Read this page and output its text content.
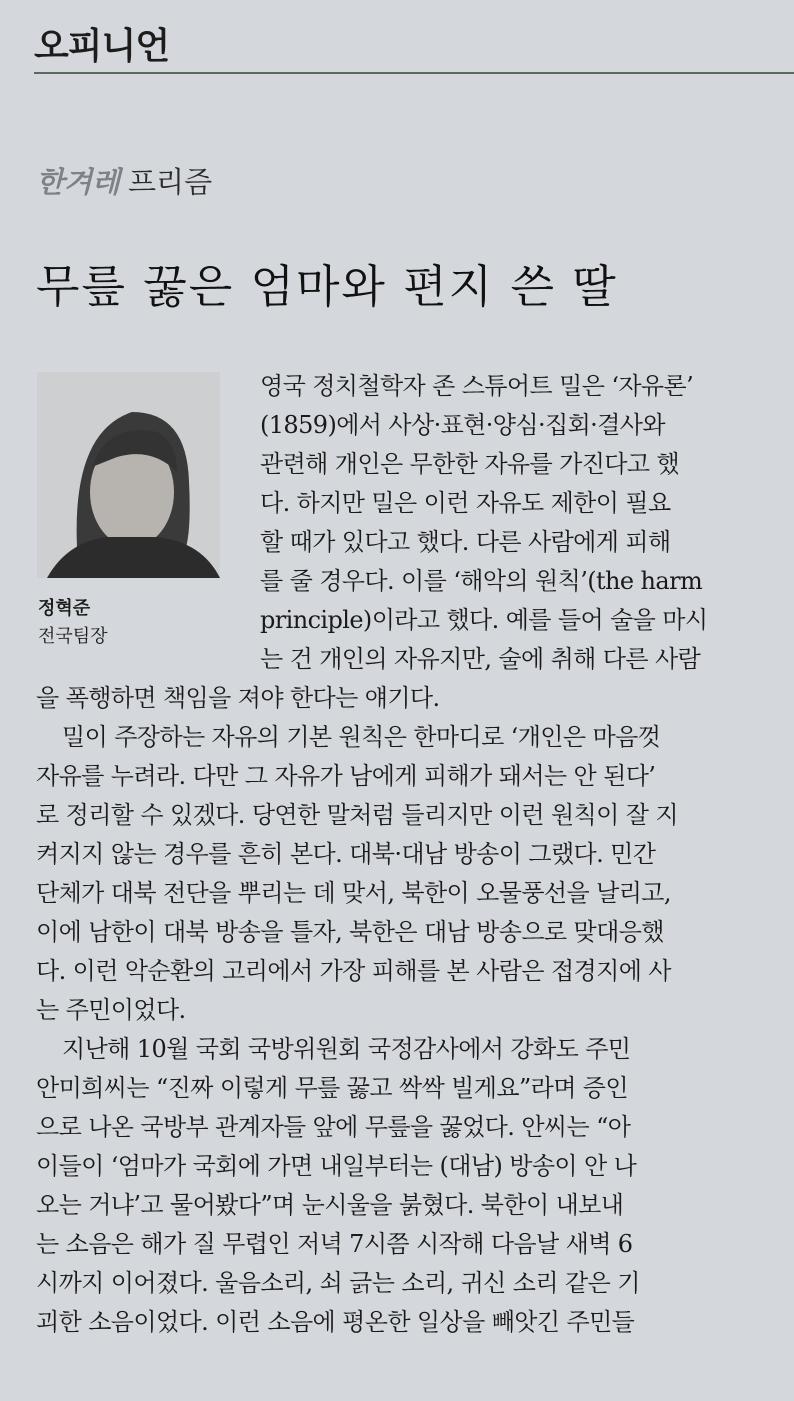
오피니언
한겨레 프리즘
무릎 꿇은 엄마와 편지 쓴 딸
정혁준
전국팀장
영국 정치철학자 존 스튜어트 밀은 ‘자유론’
(1859)에서 사상·표현·양심·집회·결사와
관련해 개인은 무한한 자유를 가진다고 했
다. 하지만 밀은 이런 자유도 제한이 필요
할 때가 있다고 했다. 다른 사람에게 피해
를 줄 경우다. 이를 ‘해악의 원칙’(the harm
principle)이라고 했다. 예를 들어 술을 마시
는 건 개인의 자유지만, 술에 취해 다른 사람
을 폭행하면 책임을 져야 한다는 얘기다.
밀이 주장하는 자유의 기본 원칙은 한마디로 ‘개인은 마음껏
자유를 누려라. 다만 그 자유가 남에게 피해가 돼서는 안 된다’
로 정리할 수 있겠다. 당연한 말처럼 들리지만 이런 원칙이 잘 지
켜지지 않는 경우를 흔히 본다. 대북·대남 방송이 그랬다. 민간
단체가 대북 전단을 뿌리는 데 맞서, 북한이 오물풍선을 날리고,
이에 남한이 대북 방송을 틀자, 북한은 대남 방송으로 맞대응했
다. 이런 악순환의 고리에서 가장 피해를 본 사람은 접경지에 사
는 주민이었다.
지난해 10월 국회 국방위원회 국정감사에서 강화도 주민
안미희씨는 “진짜 이렇게 무릎 꿇고 싹싹 빌게요”라며 증인
으로 나온 국방부 관계자들 앞에 무릎을 꿇었다. 안씨는 “아
이들이 ‘엄마가 국회에 가면 내일부터는 (대남) 방송이 안 나
오는 거냐’고 물어봤다”며 눈시울을 붉혔다. 북한이 내보내
는 소음은 해가 질 무렵인 저녁 7시쯤 시작해 다음날 새벽 6
시까지 이어졌다. 울음소리, 쇠 긁는 소리, 귀신 소리 같은 기
괴한 소음이었다. 이런 소음에 평온한 일상을 빼앗긴 주민들
